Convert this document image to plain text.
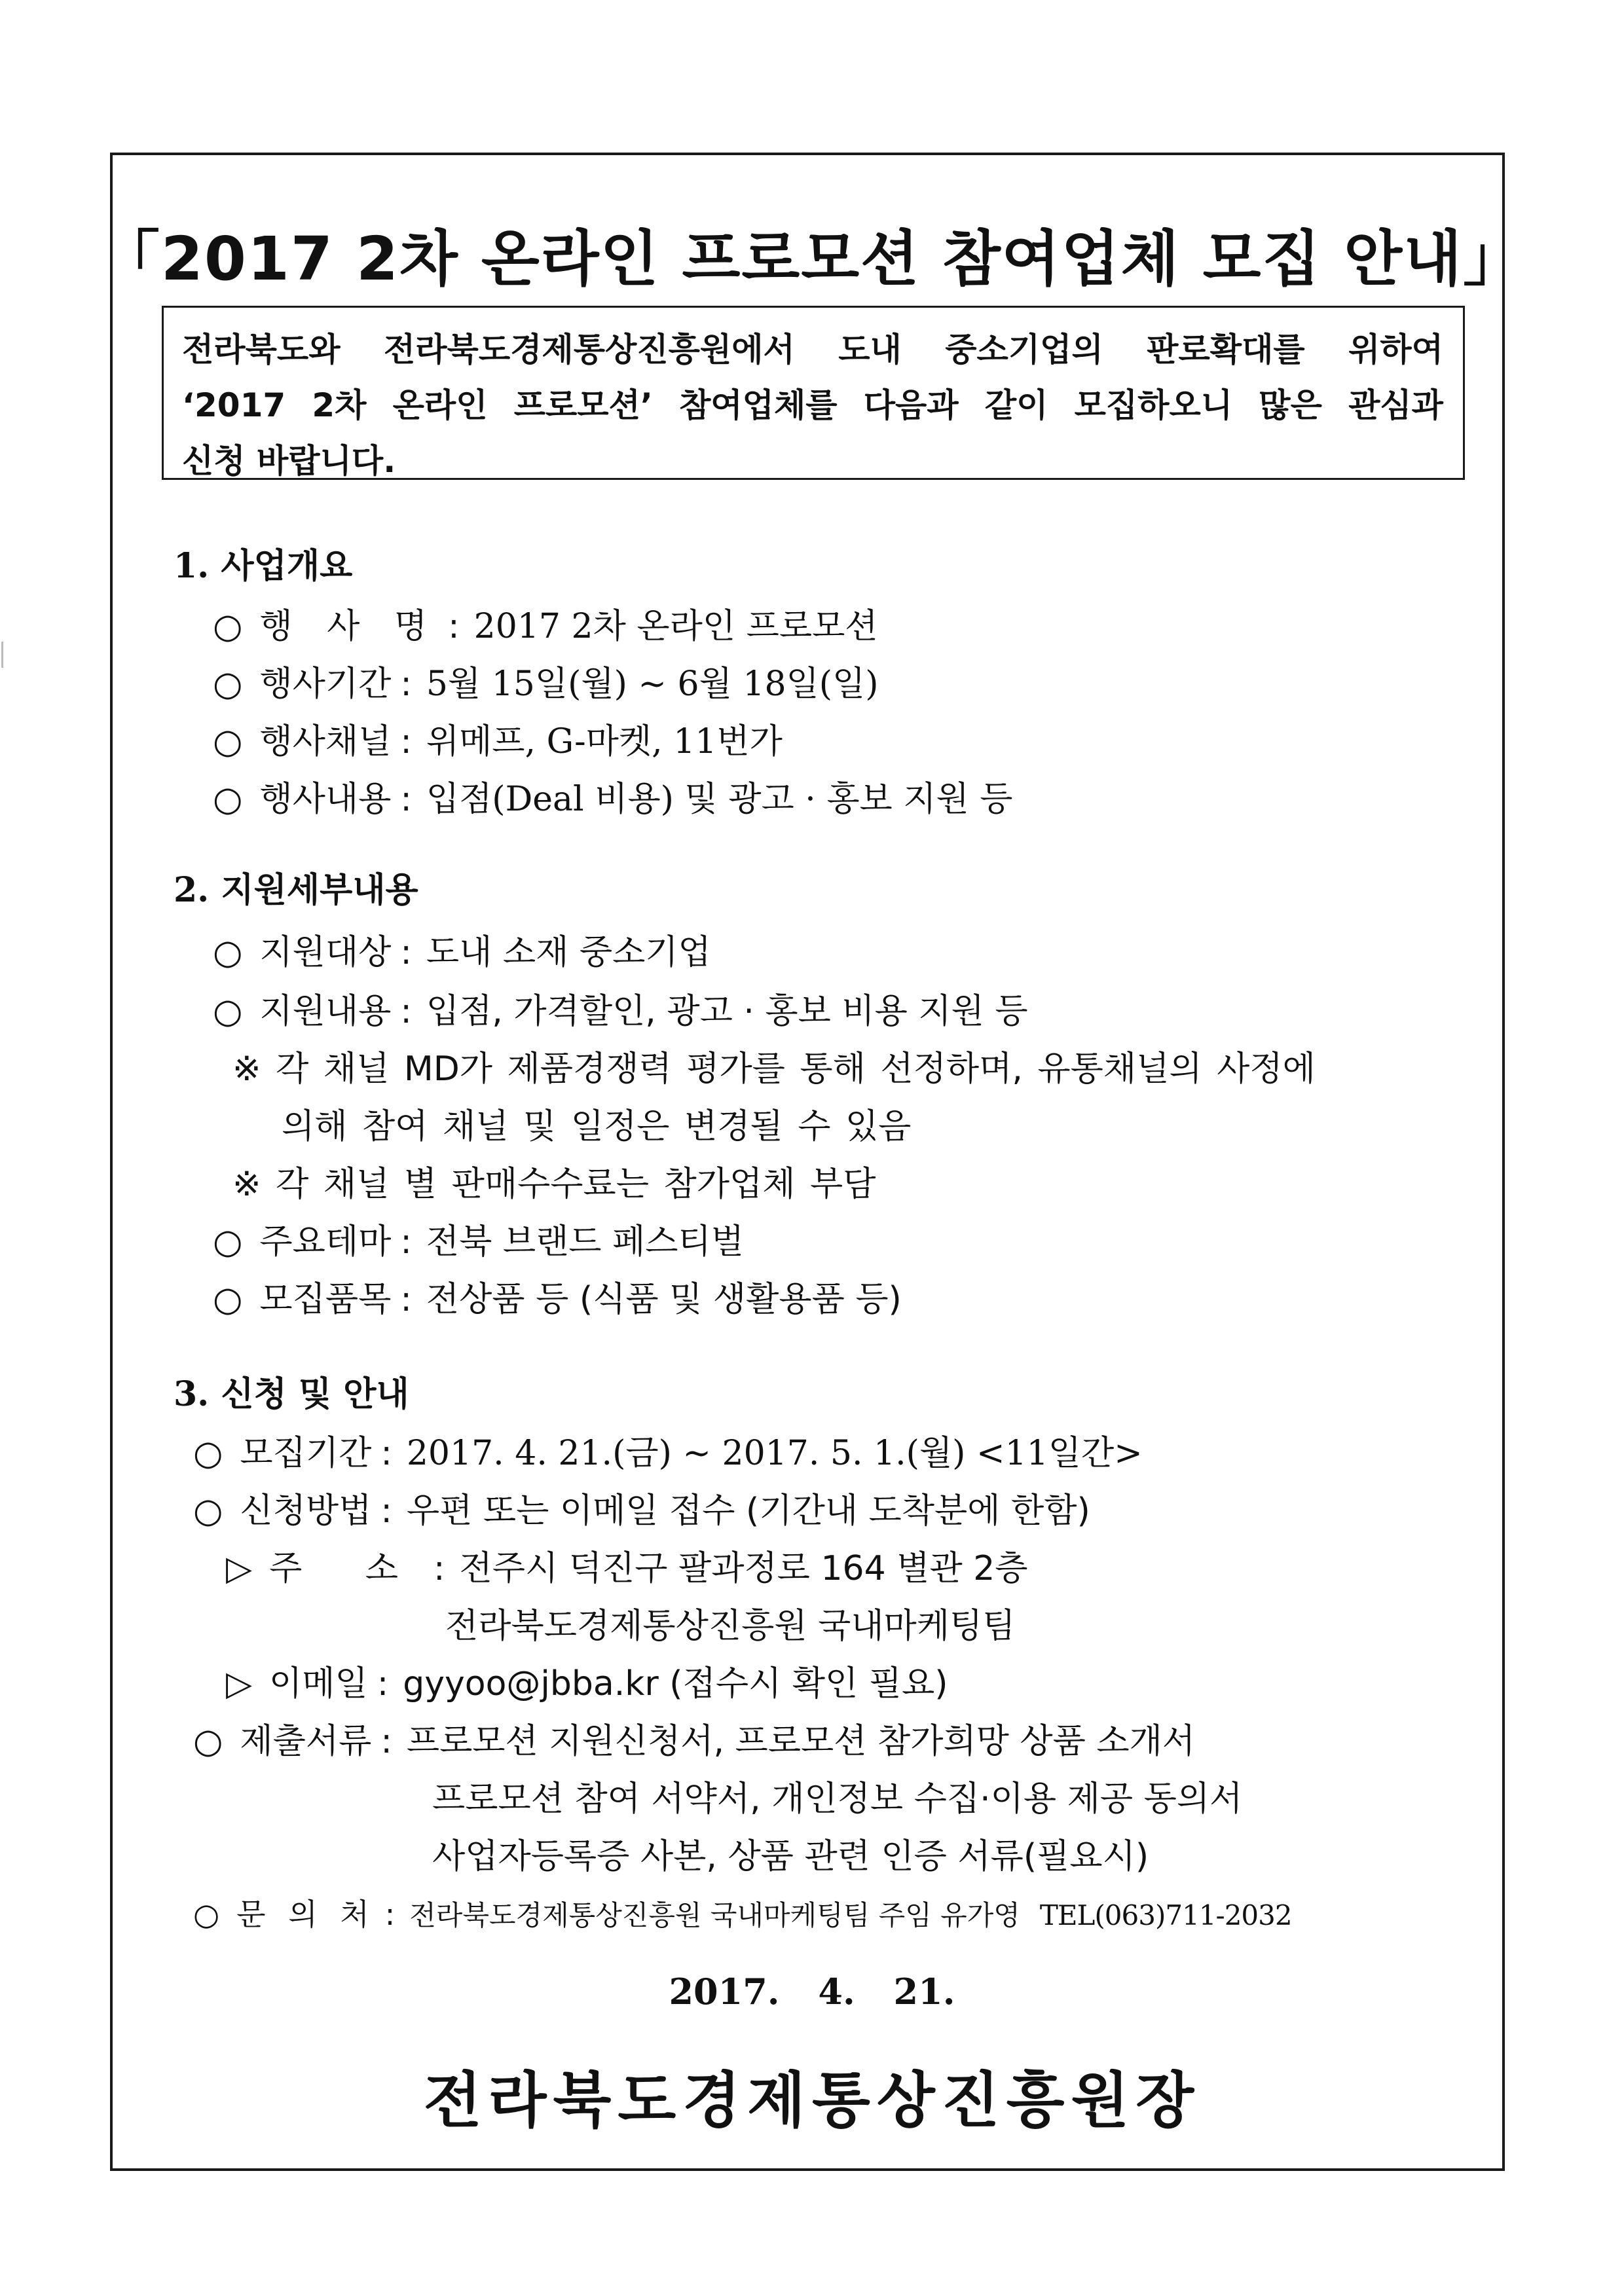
「2017 2차 온라인 프로모션 참여업체 모집 안내」

전라북도와 전라북도경제통상진흥원에서 도내 중소기업의 판로확대를 위하여

‘2017 2차 온라인 프로모션’ 참여업체를 다음과 같이 모집하오니 많은 관심과

신청 바랍니다.

1. 사업개요
○ 행 사 명 : 2017 2차 온라인 프로모션
○ 행사기간 : 5월 15일(월) ~ 6월 18일(일)
○ 행사채널 : 위메프, G-마켓, 11번가
○ 행사내용 : 입점(Deal 비용) 및 광고 · 홍보 지원 등
2. 지원세부내용
○ 지원대상 : 도내 소재 중소기업
○ 지원내용 : 입점, 가격할인, 광고 · 홍보 비용 지원 등
※ 각 채널 MD가 제품경쟁력 평가를 통해 선정하며, 유통채널의 사정에
의해 참여 채널 및 일정은 변경될 수 있음
※ 각 채널 별 판매수수료는 참가업체 부담
○ 주요테마 : 전북 브랜드 페스티벌
○ 모집품목 : 전상품 등 (식품 및 생활용품 등)
3. 신청 및 안내
○ 모집기간 : 2017. 4. 21.(금) ~ 2017. 5. 1.(월) <11일간>
○ 신청방법 : 우편 또는 이메일 접수 (기간내 도착분에 한함)
▷ 주 소 : 전주시 덕진구 팔과정로 164 별관 2층
전라북도경제통상진흥원 국내마케팅팀
▷ 이메일 : gyyoo@jbba.kr (접수시 확인 필요)
○ 제출서류 : 프로모션 지원신청서, 프로모션 참가희망 상품 소개서
프로모션 참여 서약서, 개인정보 수집·이용 제공 동의서
사업자등록증 사본, 상품 관련 인증 서류(필요시)
○ 문 의 처 : 전라북도경제통상진흥원 국내마케팅팀 주임 유가영 TEL(063)711-2032
2017. 4. 21.
전라북도경제통상진흥원장
